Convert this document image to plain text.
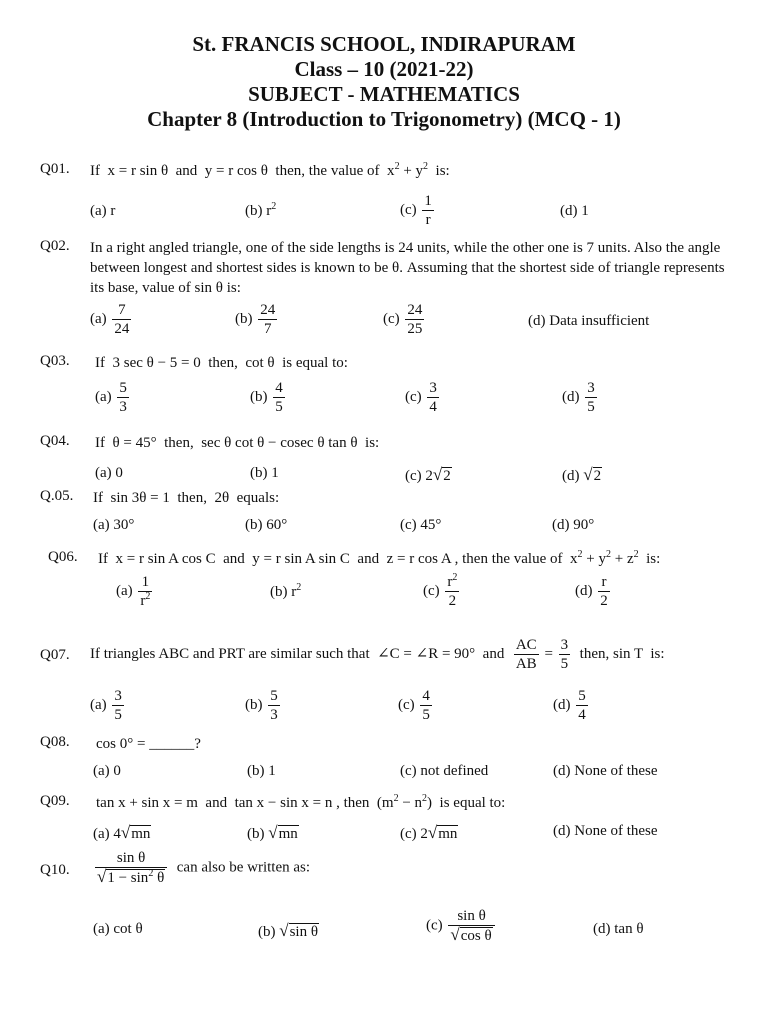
St. FRANCIS SCHOOL, INDIRAPURAM
Class – 10 (2021-22)
SUBJECT - MATHEMATICS
Chapter 8 (Introduction to Trigonometry) (MCQ - 1)
Q01. If  x = r sin θ  and  y = r cos θ  then, the value of  $x^2 + y^2$  is:
(a) r	(b) $r^2$	$(c) \frac{1}{r}$	(d) 1
Q02. In a right angled triangle, one of the side lengths is 24 units, while the other one is 7 units. Also the angle between longest and shortest sides is known to be θ. Assuming that the shortest side of triangle represents its base, value of sin θ is:
$(a) \frac{7}{24}$	$(b) \frac{24}{7}$	$(c) \frac{24}{25}$	(d) Data insufficient
Q03. If  3 sec θ − 5 = 0  then,  cot θ  is equal to:
$(a) \frac{5}{3}$	$(b) \frac{4}{5}$	$(c) \frac{3}{4}$	$(d) \frac{3}{5}$
Q04. If  θ = 45°  then,  sec θ cot θ − cosec θ tan θ  is:
(a) 0	(b) 1	(c) 2√2	(d) √2
Q.05. If  sin 3θ = 1  then,  2θ  equals:
(a) 30°	(b) 60°	(c) 45°	(d) 90°
Q06. If  x = r sin A cos C  and  y = r sin A sin C  and  z = r cos A , then the value of  $x^2 + y^2 + z^2$  is:
$(a) \frac{1}{r^2}$	(b) $r^2$	$(c) \frac{r^2}{2}$	$(d) \frac{r}{2}$
Q07. If triangles ABC and PRT are similar such that  ∠C = ∠R = 90°  and $\frac{AC}{AB} = \frac{3}{5}$ then, sin T  is:
$(a) \frac{3}{5}$	$(b) \frac{5}{3}$	$(c) \frac{4}{5}$	$(d) \frac{5}{4}$
Q08. cos 0° = ______?
(a) 0	(b) 1	(c) not defined	(d) None of these
Q09. tan x + sin x = m  and  tan x − sin x = n , then  $(m^2 - n^2)$  is equal to:
(a) 4√mn	(b) √mn	(c) 2√mn	(d) None of these
Q10. $\frac{\text{sin θ}}{√1 - \sin^2 \theta}$ can also be written as:
(a) cot θ	(b) √sin θ	$(c) \frac{\text{sin θ}}{\text{√cos θ}}$	(d) tan θ
